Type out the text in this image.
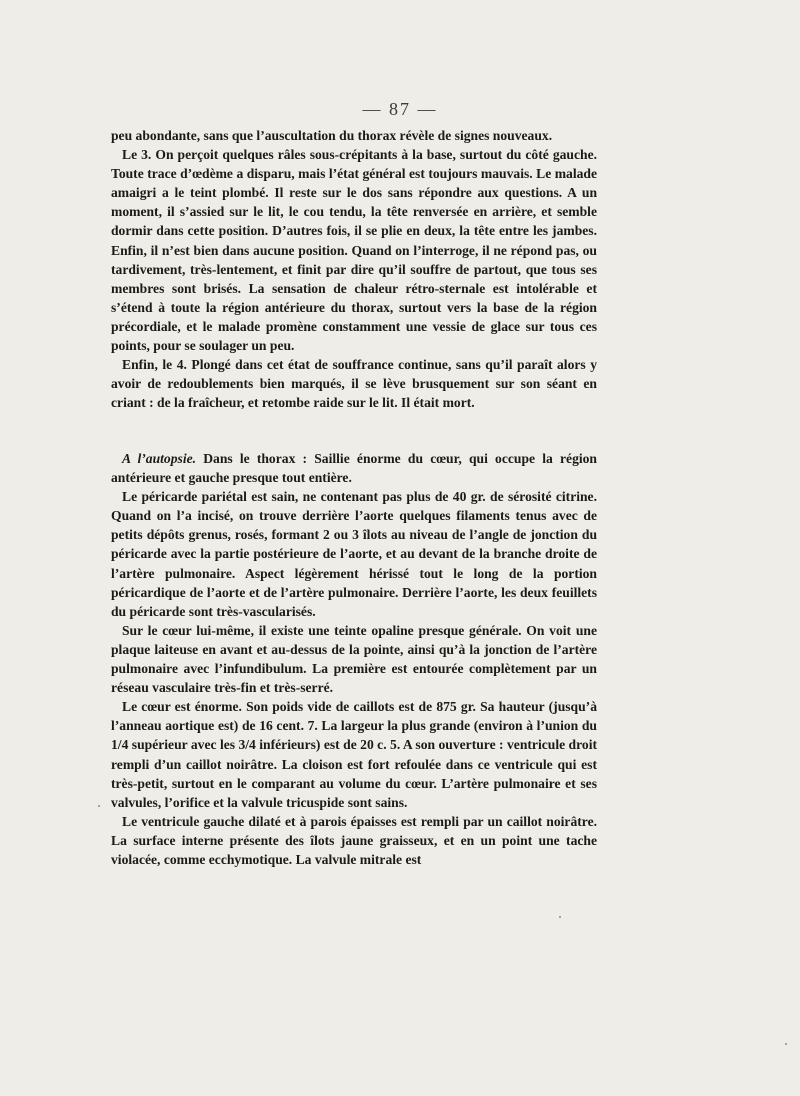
— 87 —

peu abondante, sans que l’auscultation du thorax révèle de signes nouveaux.

Le 3. On perçoit quelques râles sous-crépitants à la base, surtout du côté gauche. Toute trace d’œdème a disparu, mais l’état général est toujours mauvais. Le malade amaigri a le teint plombé. Il reste sur le dos sans répondre aux questions. A un moment, il s’assied sur le lit, le cou tendu, la tête renversée en arrière, et semble dormir dans cette position. D’autres fois, il se plie en deux, la tête entre les jambes. Enfin, il n’est bien dans aucune position. Quand on l’interroge, il ne répond pas, ou tardivement, très-lentement, et finit par dire qu’il souffre de partout, que tous ses membres sont brisés. La sensation de chaleur rétro-sternale est intolérable et s’étend à toute la région antérieure du thorax, surtout vers la base de la région précordiale, et le malade promène constamment une vessie de glace sur tous ces points, pour se soulager un peu.

Enfin, le 4. Plongé dans cet état de souffrance continue, sans qu’il paraît alors y avoir de redoublements bien marqués, il se lève brusquement sur son séant en criant : de la fraîcheur, et retombe raide sur le lit. Il était mort.

A l’autopsie. Dans le thorax : Saillie énorme du cœur, qui occupe la région antérieure et gauche presque tout entière.

Le péricarde pariétal est sain, ne contenant pas plus de 40 gr. de sérosité citrine. Quand on l’a incisé, on trouve derrière l’aorte quelques filaments tenus avec de petits dépôts grenus, rosés, formant 2 ou 3 îlots au niveau de l’angle de jonction du péricarde avec la partie postérieure de l’aorte, et au devant de la branche droite de l’artère pulmonaire. Aspect légèrement hérissé tout le long de la portion péricardique de l’aorte et de l’artère pulmonaire. Derrière l’aorte, les deux feuillets du péricarde sont très-vascularisés.

Sur le cœur lui-même, il existe une teinte opaline presque générale. On voit une plaque laiteuse en avant et au-dessus de la pointe, ainsi qu’à la jonction de l’artère pulmonaire avec l’infundibulum. La première est entourée complètement par un réseau vasculaire très-fin et très-serré.

Le cœur est énorme. Son poids vide de caillots est de 875 gr. Sa hauteur (jusqu’à l’anneau aortique est) de 16 cent. 7. La largeur la plus grande (environ à l’union du 1/4 supérieur avec les 3/4 inférieurs) est de 20 c. 5. A son ouverture : ventricule droit rempli d’un caillot noirâtre. La cloison est fort refoulée dans ce ventricule qui est très-petit, surtout en le comparant au volume du cœur. L’artère pulmonaire et ses valvules, l’orifice et la valvule tricuspide sont sains.

Le ventricule gauche dilaté et à parois épaisses est rempli par un caillot noirâtre. La surface interne présente des îlots jaune graisseux, et en un point une tache violacée, comme ecchymotique. La valvule mitrale est
